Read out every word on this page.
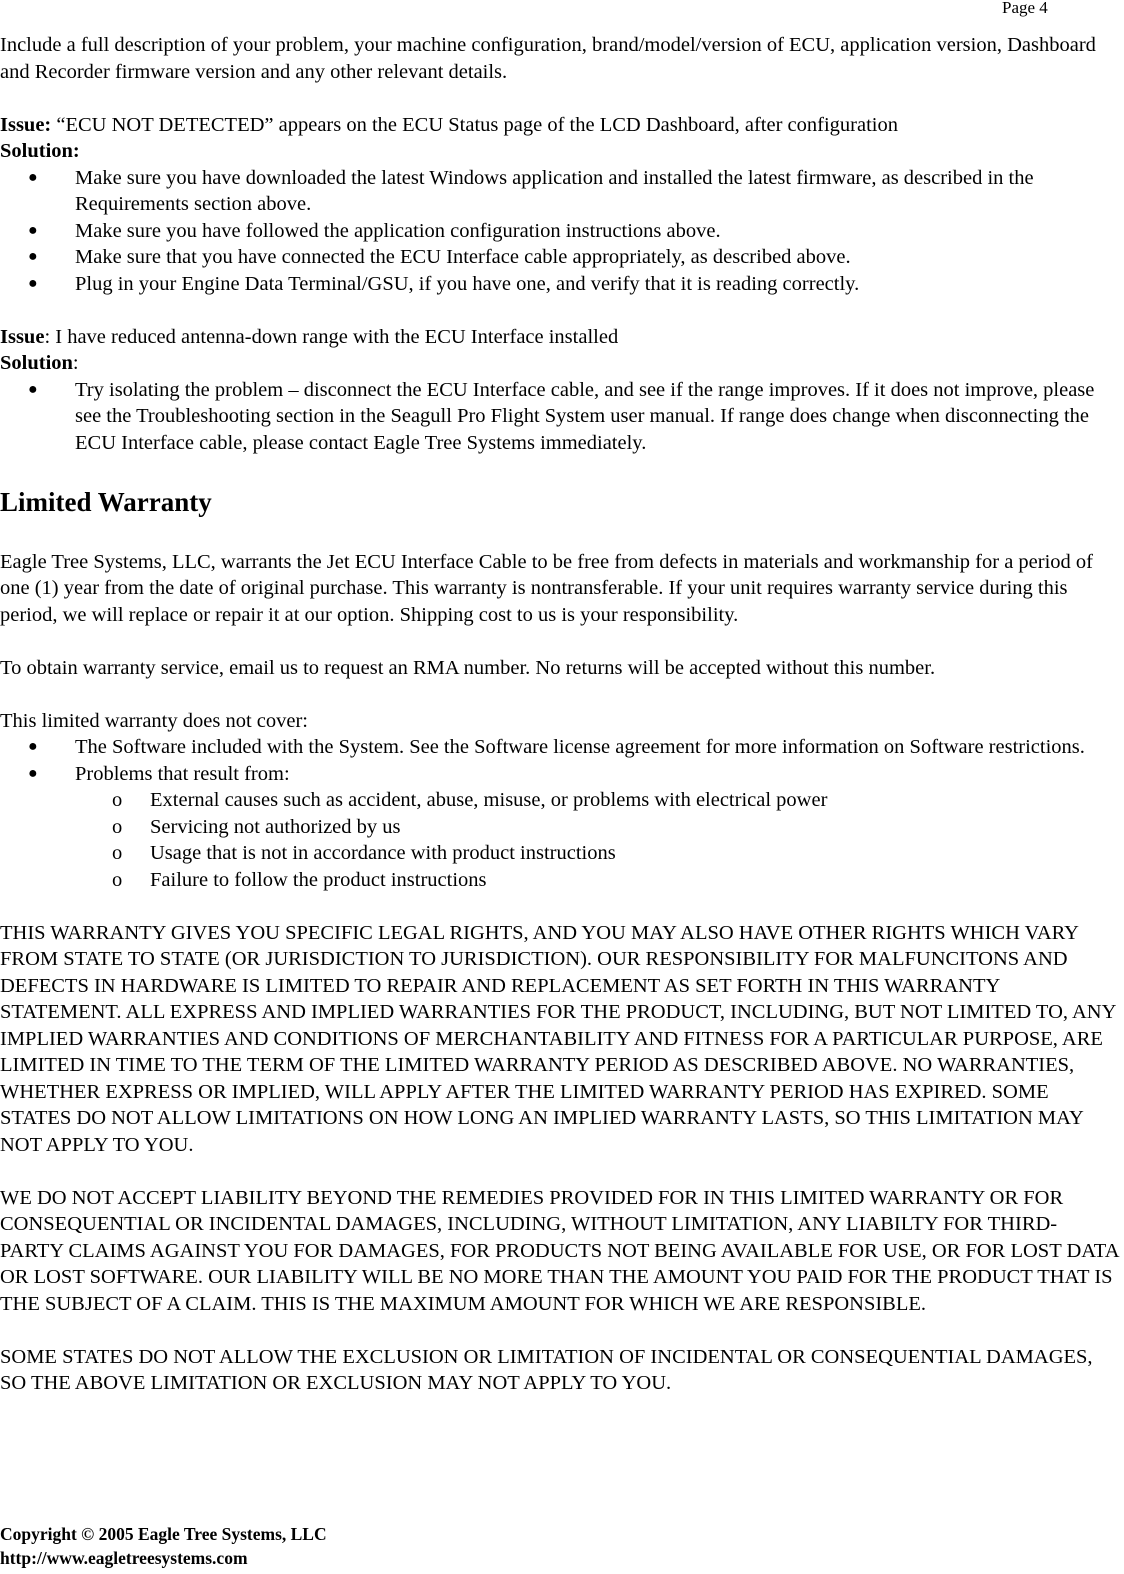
Page 4

Include a full description of your problem, your machine configuration, brand/model/version of ECU, application version, Dashboard and Recorder firmware version and any other relevant details.

Issue: “ECU NOT DETECTED” appears on the ECU Status page of the LCD Dashboard, after configuration

Solution:

● Make sure you have downloaded the latest Windows application and installed the latest firmware, as described in the Requirements section above.
● Make sure you have followed the application configuration instructions above.
● Make sure that you have connected the ECU Interface cable appropriately, as described above.
● Plug in your Engine Data Terminal/GSU, if you have one, and verify that it is reading correctly.

Issue: I have reduced antenna-down range with the ECU Interface installed

Solution:

● Try isolating the problem – disconnect the ECU Interface cable, and see if the range improves. If it does not improve, please see the Troubleshooting section in the Seagull Pro Flight System user manual. If range does change when disconnecting the ECU Interface cable, please contact Eagle Tree Systems immediately.
Limited Warranty

Eagle Tree Systems, LLC, warrants the Jet ECU Interface Cable to be free from defects in materials and workmanship for a period of one (1) year from the date of original purchase. This warranty is nontransferable. If your unit requires warranty service during this period, we will replace or repair it at our option. Shipping cost to us is your responsibility.

To obtain warranty service, email us to request an RMA number. No returns will be accepted without this number.

This limited warranty does not cover:

● The Software included with the System. See the Software license agreement for more information on Software restrictions.
● Problems that result from:
o External causes such as accident, abuse, misuse, or problems with electrical power
o Servicing not authorized by us
o Usage that is not in accordance with product instructions
o Failure to follow the product instructions

THIS WARRANTY GIVES YOU SPECIFIC LEGAL RIGHTS, AND YOU MAY ALSO HAVE OTHER RIGHTS WHICH VARY FROM STATE TO STATE (OR JURISDICTION TO JURISDICTION). OUR RESPONSIBILITY FOR MALFUNCITONS AND DEFECTS IN HARDWARE IS LIMITED TO REPAIR AND REPLACEMENT AS SET FORTH IN THIS WARRANTY STATEMENT. ALL EXPRESS AND IMPLIED WARRANTIES FOR THE PRODUCT, INCLUDING, BUT NOT LIMITED TO, ANY IMPLIED WARRANTIES AND CONDITIONS OF MERCHANTABILITY AND FITNESS FOR A PARTICULAR PURPOSE, ARE LIMITED IN TIME TO THE TERM OF THE LIMITED WARRANTY PERIOD AS DESCRIBED ABOVE. NO WARRANTIES, WHETHER EXPRESS OR IMPLIED, WILL APPLY AFTER THE LIMITED WARRANTY PERIOD HAS EXPIRED. SOME STATES DO NOT ALLOW LIMITATIONS ON HOW LONG AN IMPLIED WARRANTY LASTS, SO THIS LIMITATION MAY NOT APPLY TO YOU.

WE DO NOT ACCEPT LIABILITY BEYOND THE REMEDIES PROVIDED FOR IN THIS LIMITED WARRANTY OR FOR CONSEQUENTIAL OR INCIDENTAL DAMAGES, INCLUDING, WITHOUT LIMITATION, ANY LIABILTY FOR THIRD-PARTY CLAIMS AGAINST YOU FOR DAMAGES, FOR PRODUCTS NOT BEING AVAILABLE FOR USE, OR FOR LOST DATA OR LOST SOFTWARE. OUR LIABILITY WILL BE NO MORE THAN THE AMOUNT YOU PAID FOR THE PRODUCT THAT IS THE SUBJECT OF A CLAIM. THIS IS THE MAXIMUM AMOUNT FOR WHICH WE ARE RESPONSIBLE.

SOME STATES DO NOT ALLOW THE EXCLUSION OR LIMITATION OF INCIDENTAL OR CONSEQUENTIAL DAMAGES, SO THE ABOVE LIMITATION OR EXCLUSION MAY NOT APPLY TO YOU.

Copyright © 2005 Eagle Tree Systems, LLC
http://www.eagletreesystems.com
